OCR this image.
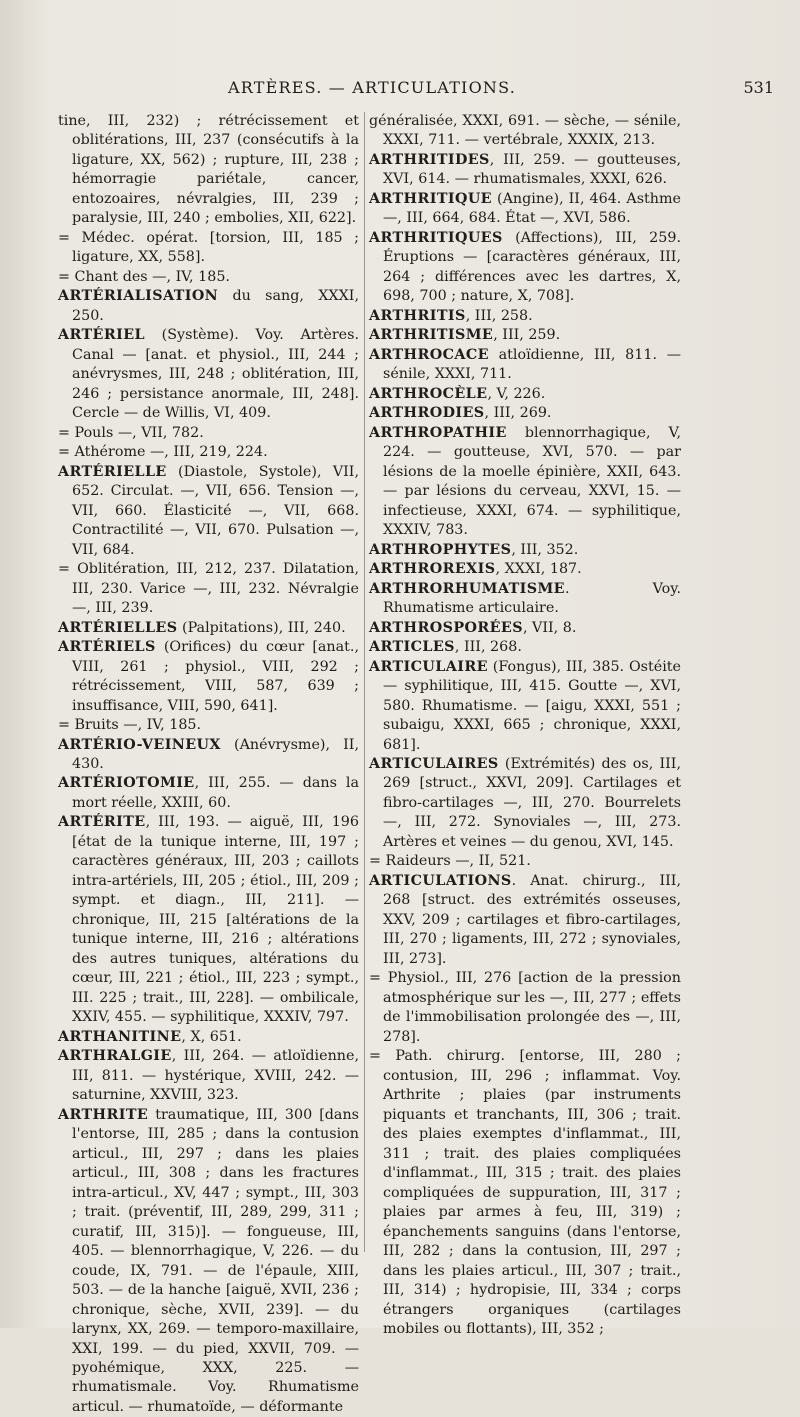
ARTÈRES. — ARTICULATIONS.	531

tine, III, 232) ; rétrécissement et oblitérations, III, 237 (consécutifs à la ligature, XX, 562) ; rupture, III, 238 ; hémorragie pariétale, cancer, entozoaires, névralgies, III, 239 ; paralysie, III, 240 ; embolies, XII, 622].

= Médec. opérat. [torsion, III, 185 ; ligature, XX, 558].

= Chant des —, IV, 185.

ARTÉRIALISATION du sang, XXXI, 250.

ARTÉRIEL (Système). Voy. Artères. Canal — [anat. et physiol., III, 244 ; anévrysmes, III, 248 ; oblitération, III, 246 ; persistance anormale, III, 248]. Cercle — de Willis, VI, 409.

= Pouls —, VII, 782.

= Athérome —, III, 219, 224.

ARTÉRIELLE (Diastole, Systole), VII, 652. Circulat. —, VII, 656. Tension —, VII, 660. Élasticité —, VII, 668. Contractilité —, VII, 670. Pulsation —, VII, 684.

= Oblitération, III, 212, 237. Dilatation, III, 230. Varice —, III, 232. Névralgie —, III, 239.

ARTÉRIELLES (Palpitations), III, 240.

ARTÉRIELS (Orifices) du cœur [anat., VIII, 261 ; physiol., VIII, 292 ; rétrécissement, VIII, 587, 639 ; insuffisance, VIII, 590, 641].

= Bruits —, IV, 185.

ARTÉRIO-VEINEUX (Anévrysme), II, 430.

ARTÉRIOTOMIE, III, 255. — dans la mort réelle, XXIII, 60.

ARTÉRITE, III, 193. — aiguë, III, 196 [état de la tunique interne, III, 197 ; caractères généraux, III, 203 ; caillots intra-artériels, III, 205 ; étiol., III, 209 ; sympt. et diagn., III, 211]. — chronique, III, 215 [altérations de la tunique interne, III, 216 ; altérations des autres tuniques, altérations du cœur, III, 221 ; étiol., III, 223 ; sympt., III. 225 ; trait., III, 228]. — ombilicale, XXIV, 455. — syphilitique, XXXIV, 797.

ARTHANITINE, X, 651.

ARTHRALGIE, III, 264. — atloïdienne, III, 811. — hystérique, XVIII, 242. — saturnine, XXVIII, 323.

ARTHRITE traumatique, III, 300 [dans l'entorse, III, 285 ; dans la contusion articul., III, 297 ; dans les plaies articul., III, 308 ; dans les fractures intra-articul., XV, 447 ; sympt., III, 303 ; trait. (préventif, III, 289, 299, 311 ; curatif, III, 315)]. — fongueuse, III, 405. — blennorrhagique, V, 226. — du coude, IX, 791. — de l'épaule, XIII, 503. — de la hanche [aiguë, XVII, 236 ; chronique, sèche, XVII, 239]. — du larynx, XX, 269. — temporo-maxillaire, XXI, 199. — du pied, XXVII, 709. — pyohémique, XXX, 225. — rhumatismale. Voy. Rhumatisme articul. — rhumatoïde, — déformante

généralisée, XXXI, 691. — sèche, — sénile, XXXI, 711. — vertébrale, XXXIX, 213.

ARTHRITIDES, III, 259. — goutteuses, XVI, 614. — rhumatismales, XXXI, 626.

ARTHRITIQUE (Angine), II, 464. Asthme —, III, 664, 684. État —, XVI, 586.

ARTHRITIQUES (Affections), III, 259. Éruptions — [caractères généraux, III, 264 ; différences avec les dartres, X, 698, 700 ; nature, X, 708].

ARTHRITIS, III, 258.

ARTHRITISME, III, 259.

ARTHROCACE atloïdienne, III, 811. — sénile, XXXI, 711.

ARTHROCÈLE, V, 226.

ARTHRODIES, III, 269.

ARTHROPATHIE blennorrhagique, V, 224. — goutteuse, XVI, 570. — par lésions de la moelle épinière, XXII, 643. — par lésions du cerveau, XXVI, 15. — infectieuse, XXXI, 674. — syphilitique, XXXIV, 783.

ARTHROPHYTES, III, 352.

ARTHROREXIS, XXXI, 187.

ARTHRORHUMATISME. Voy. Rhumatisme articulaire.

ARTHROSPORÉES, VII, 8.

ARTICLES, III, 268.

ARTICULAIRE (Fongus), III, 385. Ostéite — syphilitique, III, 415. Goutte —, XVI, 580. Rhumatisme. — [aigu, XXXI, 551 ; subaigu, XXXI, 665 ; chronique, XXXI, 681].

ARTICULAIRES (Extrémités) des os, III, 269 [struct., XXVI, 209]. Cartilages et fibro-cartilages —, III, 270. Bourrelets —, III, 272. Synoviales —, III, 273. Artères et veines — du genou, XVI, 145.

= Raideurs —, II, 521.

ARTICULATIONS. Anat. chirurg., III, 268 [struct. des extrémités osseuses, XXV, 209 ; cartilages et fibro-cartilages, III, 270 ; ligaments, III, 272 ; synoviales, III, 273].

= Physiol., III, 276 [action de la pression atmosphérique sur les —, III, 277 ; effets de l'immobilisation prolongée des —, III, 278].

= Path. chirurg. [entorse, III, 280 ; contusion, III, 296 ; inflammat. Voy. Arthrite ; plaies (par instruments piquants et tranchants, III, 306 ; trait. des plaies exemptes d'inflammat., III, 311 ; trait. des plaies compliquées d'inflammat., III, 315 ; trait. des plaies compliquées de suppuration, III, 317 ; plaies par armes à feu, III, 319) ; épanchements sanguins (dans l'entorse, III, 282 ; dans la contusion, III, 297 ; dans les plaies articul., III, 307 ; trait., III, 314) ; hydropisie, III, 334 ; corps étrangers organiques (cartilages mobiles ou flottants), III, 352 ;
